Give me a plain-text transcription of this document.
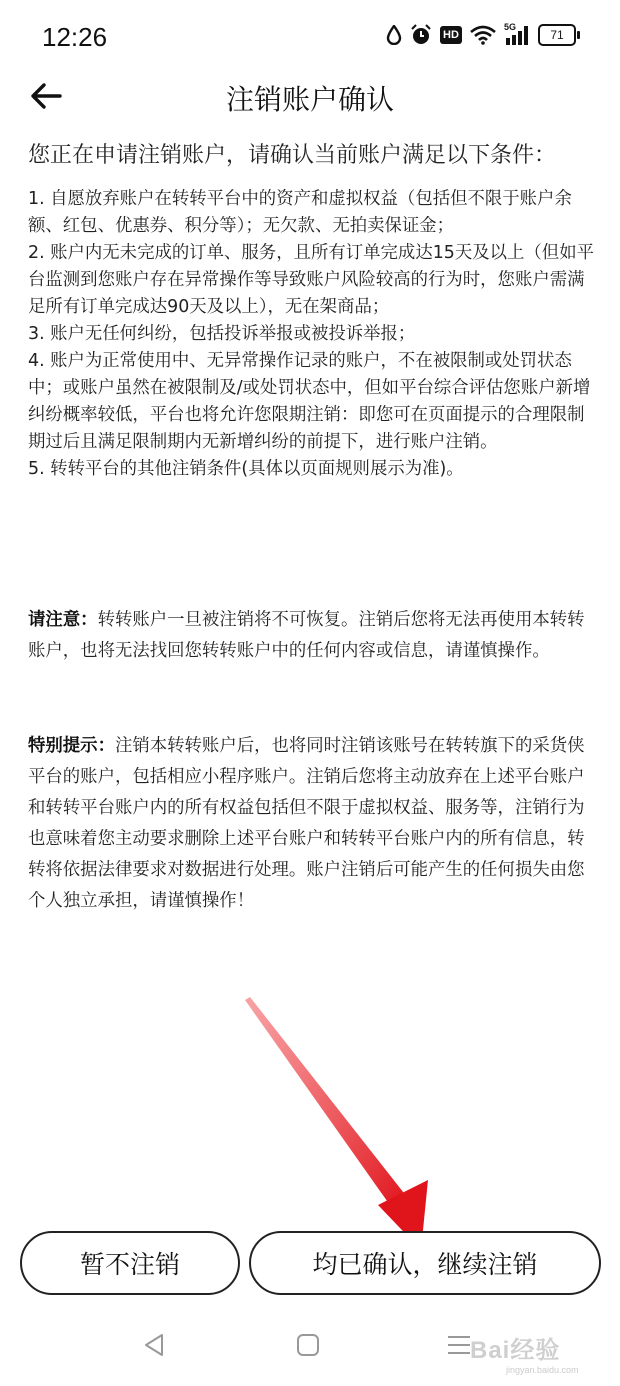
12:26	HD
5G
71
注销账户确认
您正在申请注销账户，请确认当前账户满足以下条件：

1. 自愿放弃账户在转转平台中的资产和虚拟权益（包括但不限于账户余额、红包、优惠券、积分等）；无欠款、无拍卖保证金；

2. 账户内无未完成的订单、服务，且所有订单完成达15天及以上（但如平台监测到您账户存在异常操作等导致账户风险较高的行为时，您账户需满足所有订单完成达90天及以上），无在架商品；

3. 账户无任何纠纷，包括投诉举报或被投诉举报；

4. 账户为正常使用中、无异常操作记录的账户，不在被限制或处罚状态中；或账户虽然在被限制及/或处罚状态中，但如平台综合评估您账户新增纠纷概率较低，平台也将允许您限期注销：即您可在页面提示的合理限制期过后且满足限制期内无新增纠纷的前提下，进行账户注销。

5. 转转平台的其他注销条件(具体以页面规则展示为准)。

请注意：转转账户一旦被注销将不可恢复。注销后您将无法再使用本转转账户，也将无法找回您转转账户中的任何内容或信息，请谨慎操作。

特别提示：注销本转转账户后，也将同时注销该账号在转转旗下的采货侠平台的账户，包括相应小程序账户。注销后您将主动放弃在上述平台账户和转转平台账户内的所有权益包括但不限于虚拟权益、服务等，注销行为也意味着您主动要求删除上述平台账户和转转平台账户内的所有信息，转转将依据法律要求对数据进行处理。账户注销后可能产生的任何损失由您个人独立承担，请谨慎操作！

暂不注销	均已确认，继续注销
Bai经验
jingyan.baidu.com
